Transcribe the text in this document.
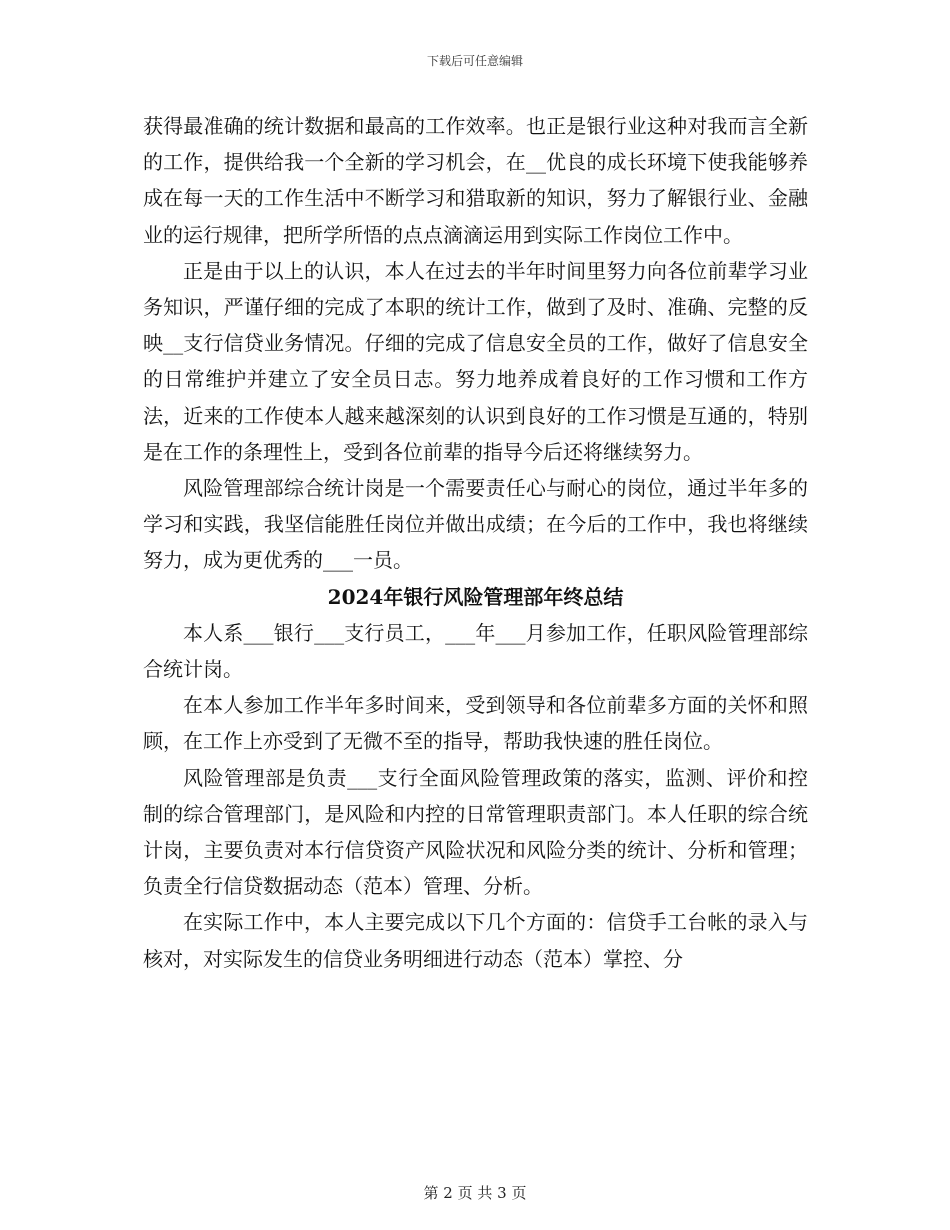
下载后可任意编辑

获得最准确的统计数据和最高的工作效率。也正是银行业这种对我而言全新的工作，提供给我一个全新的学习机会，在__优良的成长环境下使我能够养成在每一天的工作生活中不断学习和猎取新的知识，努力了解银行业、金融业的运行规律，把所学所悟的点点滴滴运用到实际工作岗位工作中。

正是由于以上的认识，本人在过去的半年时间里努力向各位前辈学习业务知识，严谨仔细的完成了本职的统计工作，做到了及时、准确、完整的反映__支行信贷业务情况。仔细的完成了信息安全员的工作，做好了信息安全的日常维护并建立了安全员日志。努力地养成着良好的工作习惯和工作方法，近来的工作使本人越来越深刻的认识到良好的工作习惯是互通的，特别是在工作的条理性上，受到各位前辈的指导今后还将继续努力。

风险管理部综合统计岗是一个需要责任心与耐心的岗位，通过半年多的学习和实践，我坚信能胜任岗位并做出成绩；在今后的工作中，我也将继续努力，成为更优秀的___一员。

2024年银行风险管理部年终总结

本人系___银行___支行员工，___年___月参加工作，任职风险管理部综合统计岗。

在本人参加工作半年多时间来，受到领导和各位前辈多方面的关怀和照顾，在工作上亦受到了无微不至的指导，帮助我快速的胜任岗位。

风险管理部是负责___支行全面风险管理政策的落实，监测、评价和控制的综合管理部门，是风险和内控的日常管理职责部门。本人任职的综合统计岗，主要负责对本行信贷资产风险状况和风险分类的统计、分析和管理；负责全行信贷数据动态（范本）管理、分析。

在实际工作中，本人主要完成以下几个方面的：信贷手工台帐的录入与核对，对实际发生的信贷业务明细进行动态（范本）掌控、分

第 2 页 共 3 页
